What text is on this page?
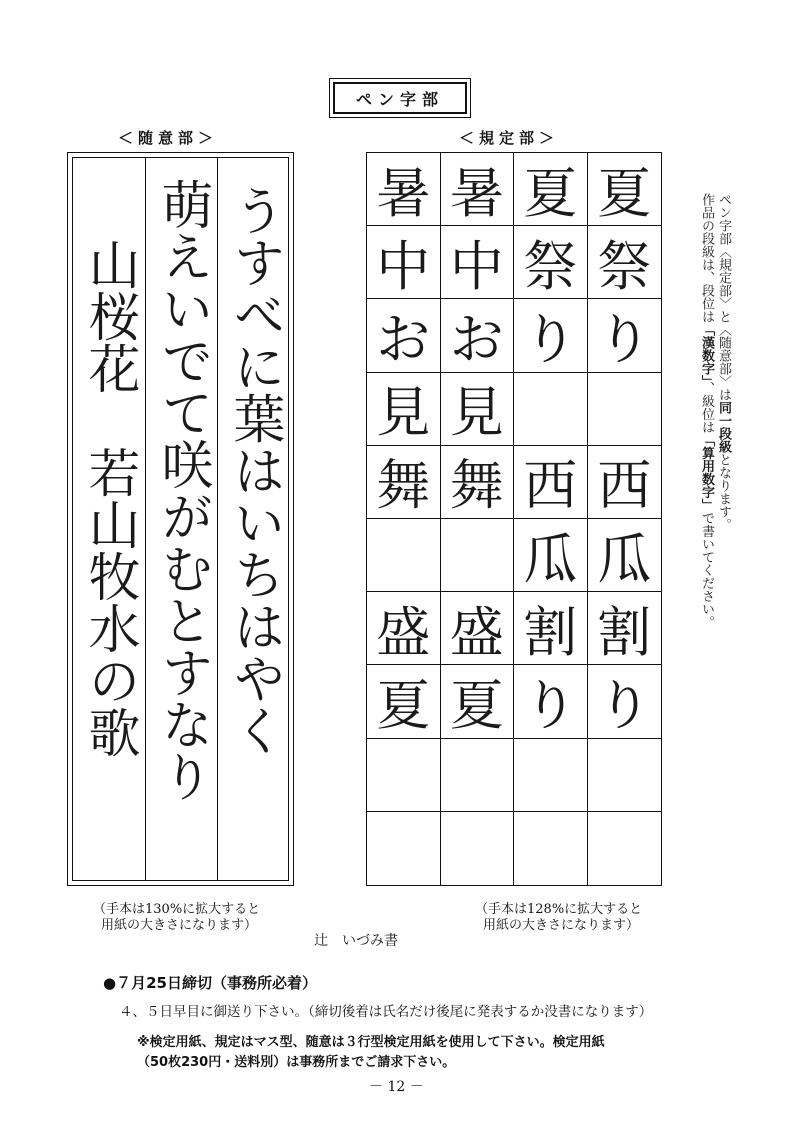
ペン字部
＜随意部＞	＜規定部＞
山桜花　若山牧水の歌 萌えいでて咲がむとすなり うすべに葉はいちはやく	夏
祭
り
西
瓜
割
り
夏
祭
り
西
瓜
割
り
暑
中
お
見
舞
盛
夏
暑
中
お
見
舞
盛
夏
（手本は130%に拡大すると
用紙の大きさになります）
（手本は128%に拡大すると
用紙の大きさになります）
辻　いづみ書
ペン字部〈規定部〉と〈随意部〉は同一段級となります。
作品の段級は、段位は「漢数字」、級位は「算用数字」で書いてください。
●７月25日締切（事務所必着）
４、５日早目に御送り下さい。（締切後着は氏名だけ後尾に発表するか没書になります）
※検定用紙、規定はマス型、随意は３行型検定用紙を使用して下さい。検定用紙
（50枚230円・送料別）は事務所までご請求下さい。
－ 12 －
